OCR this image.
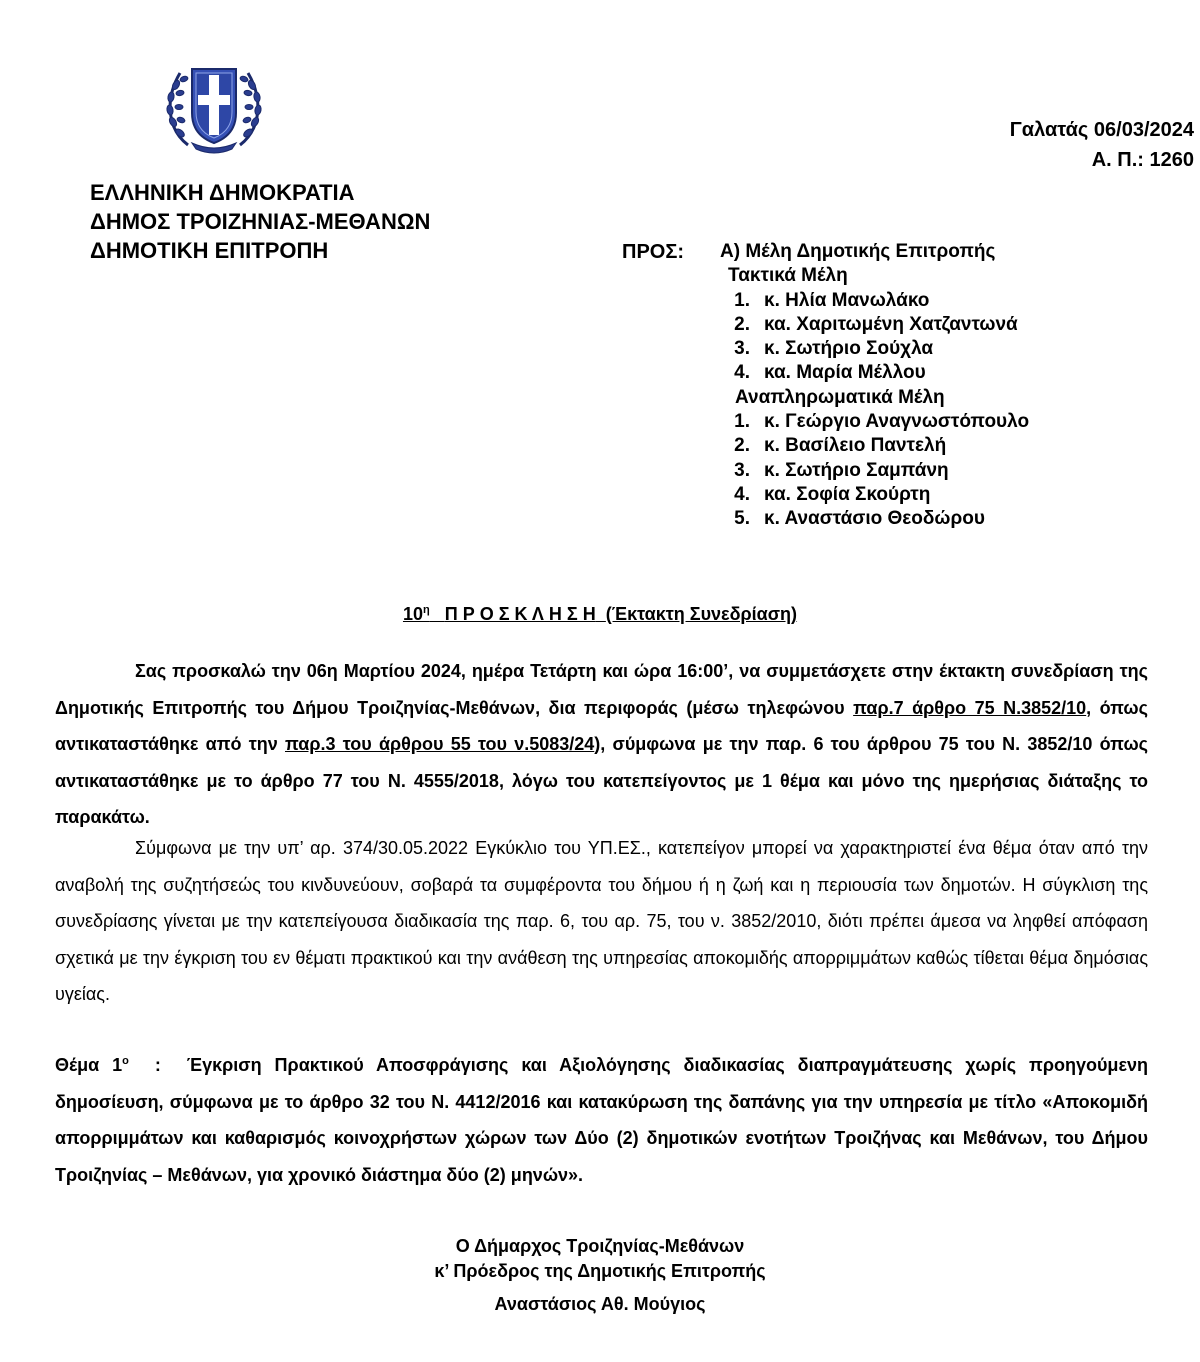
Γαλατάς 06/03/2024
Α. Π.: 1260
ΕΛΛΗΝΙΚΗ ΔΗΜΟΚΡΑΤΙΑ
ΔΗΜΟΣ ΤΡΟΙΖΗΝΙΑΣ-ΜΕΘΑΝΩΝ
ΔΗΜΟΤΙΚΗ ΕΠΙΤΡΟΠΗ	ΠΡΟΣ: Α) Μέλη Δημοτικής Επιτροπής
Τακτικά Μέλη
1. κ. Ηλία Μανωλάκο
2. κα. Χαριτωμένη Χατζαντωνά
3. κ. Σωτήριο Σούχλα
4. κα. Μαρία Μέλλου
Αναπληρωματικά Μέλη
1. κ. Γεώργιο Αναγνωστόπουλο
2. κ. Βασίλειο Παντελή
3. κ. Σωτήριο Σαμπάνη
4. κα. Σοφία Σκούρτη
5. κ. Αναστάσιο Θεοδώρου
$10^\eta$ Π Ρ Ο Σ Κ Λ Η Σ Η (Έκτακτη Συνεδρίαση)
Σας προσκαλώ την 06η Μαρτίου 2024, ημέρα Τετάρτη και ώρα 16:00’, να συμμετάσχετε στην έκτακτη συνεδρίαση της Δημοτικής Επιτροπής του Δήμου Τροιζηνίας-Μεθάνων, δια περιφοράς (μέσω τηλεφώνου παρ.7 άρθρο 75 Ν.3852/10, όπως αντικαταστάθηκε από την παρ.3 του άρθρου 55 του ν.5083/24), σύμφωνα με την παρ. 6 του άρθρου 75 του Ν. 3852/10 όπως αντικαταστάθηκε με το άρθρο 77 του Ν. 4555/2018, λόγω του κατεπείγοντος με 1 θέμα και μόνο της ημερήσιας διάταξης το παρακάτω.
Σύμφωνα με την υπ’ αρ. 374/30.05.2022 Εγκύκλιο του ΥΠ.ΕΣ., κατεπείγον μπορεί να χαρακτηριστεί ένα θέμα όταν από την αναβολή της συζητήσεώς του κινδυνεύουν, σοβαρά τα συμφέροντα του δήμου ή η ζωή και η περιουσία των δημοτών. Η σύγκλιση της συνεδρίασης γίνεται με την κατεπείγουσα διαδικασία της παρ. 6, του αρ. 75, του ν. 3852/2010, διότι πρέπει άμεσα να ληφθεί απόφαση σχετικά με την έγκριση του εν θέματι πρακτικού και την ανάθεση της υπηρεσίας αποκομιδής απορριμμάτων καθώς τίθεται θέμα δημόσιας υγείας.
Θέμα $1^o$  :  Έγκριση Πρακτικού Αποσφράγισης και Αξιολόγησης διαδικασίας διαπραγμάτευσης χωρίς προηγούμενη δημοσίευση, σύμφωνα με το άρθρο 32 του Ν. 4412/2016 και κατακύρωση της δαπάνης για την υπηρεσία με τίτλο «Αποκομιδή απορριμμάτων και καθαρισμός κοινοχρήστων χώρων των Δύο (2) δημοτικών ενοτήτων Τροιζήνας και Μεθάνων, του Δήμου Τροιζηνίας – Μεθάνων, για χρονικό διάστημα δύο (2) μηνών».
Ο Δήμαρχος Τροιζηνίας-Μεθάνων
κ’ Πρόεδρος της Δημοτικής Επιτροπής
Αναστάσιος Αθ. Μούγιος
